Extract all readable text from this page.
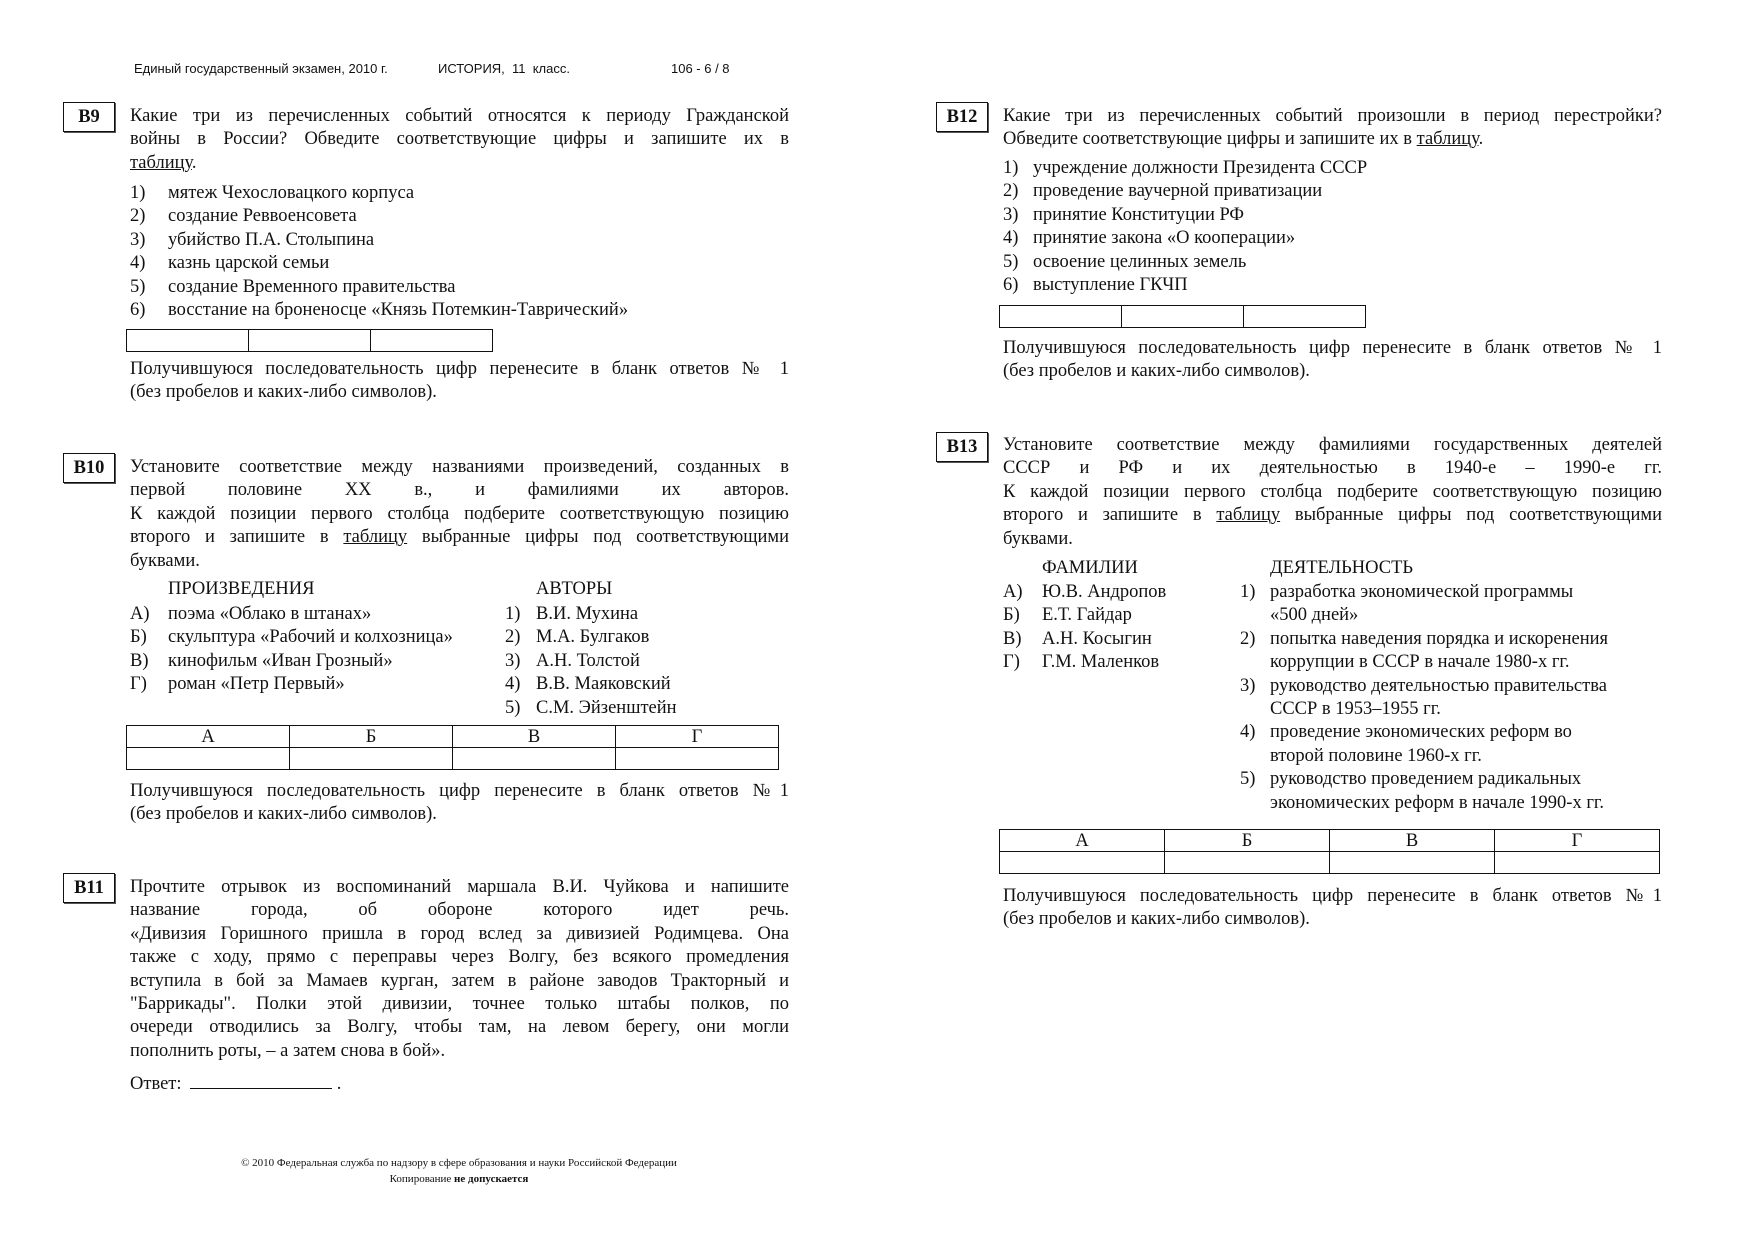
Единый государственный экзамен, 2010 г.	ИСТОРИЯ,  11  класс.	106 - 6 / 8
B9	Какие три из перечисленных событий относятся к периоду Гражданской
войны в России? Обведите соответствующие цифры и запишите их в
таблицу.
1)	мятеж Чехословацкого корпуса
2)	создание Реввоенсовета
3)	убийство П.А. Столыпина
4)	казнь царской семьи
5)	создание Временного правительства
6)	восстание на броненосце «Князь Потемкин-Таврический»

Получившуюся последовательность цифр перенесите в бланк ответов № 1
(без пробелов и каких-либо символов).
B10	Установите соответствие между названиями произведений, созданных в
первой половине XX в., и фамилиями их авторов.
К каждой позиции первого столбца подберите соответствующую позицию
второго и запишите в таблицу выбранные цифры под соответствующими
буквами.
ПРОИЗВЕДЕНИЯ	АВТОРЫ
А) поэма «Облако в штанах»
Б)	скульптура «Рабочий и колхозница»
В)	кинофильм «Иван Грозный»
Г)	роман «Петр Первый»
1) В.И. Мухина
2) М.А. Булгаков
3) А.Н. Толстой
4) В.В. Маяковский
5) С.М. Эйзенштейн
А	Б	В	Г

Получившуюся последовательность цифр перенесите в бланк ответов №1
(без пробелов и каких-либо символов).
B11	Прочтите отрывок из воспоминаний маршала В.И. Чуйкова и напишите
название города, об обороне которого идет речь.
«Дивизия Горишного пришла в город вслед за дивизией Родимцева. Она
также с ходу, прямо с переправы через Волгу, без всякого промедления
вступила в бой за Мамаев курган, затем в районе заводов Тракторный и
"Баррикады". Полки этой дивизии, точнее только штабы полков, по
очереди отводились за Волгу, чтобы там, на левом берегу, они могли
пополнить роты, – а затем снова в бой».
Ответ:	.
B12	Какие три из перечисленных событий произошли в период перестройки?
Обведите соответствующие цифры и запишите их в таблицу.
1) учреждение должности Президента СССР
2) проведение ваучерной приватизации
3) принятие Конституции РФ
4) принятие закона «О кооперации»
5) освоение целинных земель
6) выступление ГКЧП

Получившуюся последовательность цифр перенесите в бланк ответов № 1
(без пробелов и каких-либо символов).
B13	Установите соответствие между фамилиями государственных деятелей
СССР и РФ и их деятельностью в 1940-е – 1990-е гг.
К каждой позиции первого столбца подберите соответствующую позицию
второго и запишите в таблицу выбранные цифры под соответствующими
буквами.
ФАМИЛИИ	ДЕЯТЕЛЬНОСТЬ
А)	Ю.В. Андропов
Б)	Е.Т. Гайдар
В)	А.Н. Косыгин
Г)	Г.М. Маленков
1) разработка экономической программы
«500 дней»
2) попытка наведения порядка и искоренения
коррупции в СССР в начале 1980-х гг.
3) руководство деятельностью правительства
СССР в 1953–1955 гг.
4) проведение экономических реформ во
второй половине 1960-х гг.
5) руководство проведением радикальных
экономических реформ в начале 1990-х гг.
А	Б	В	Г

Получившуюся последовательность цифр перенесите в бланк ответов №1
(без пробелов и каких-либо символов).
© 2010 Федеральная служба по надзору в сфере образования и науки Российской Федерации
Копирование не допускается
